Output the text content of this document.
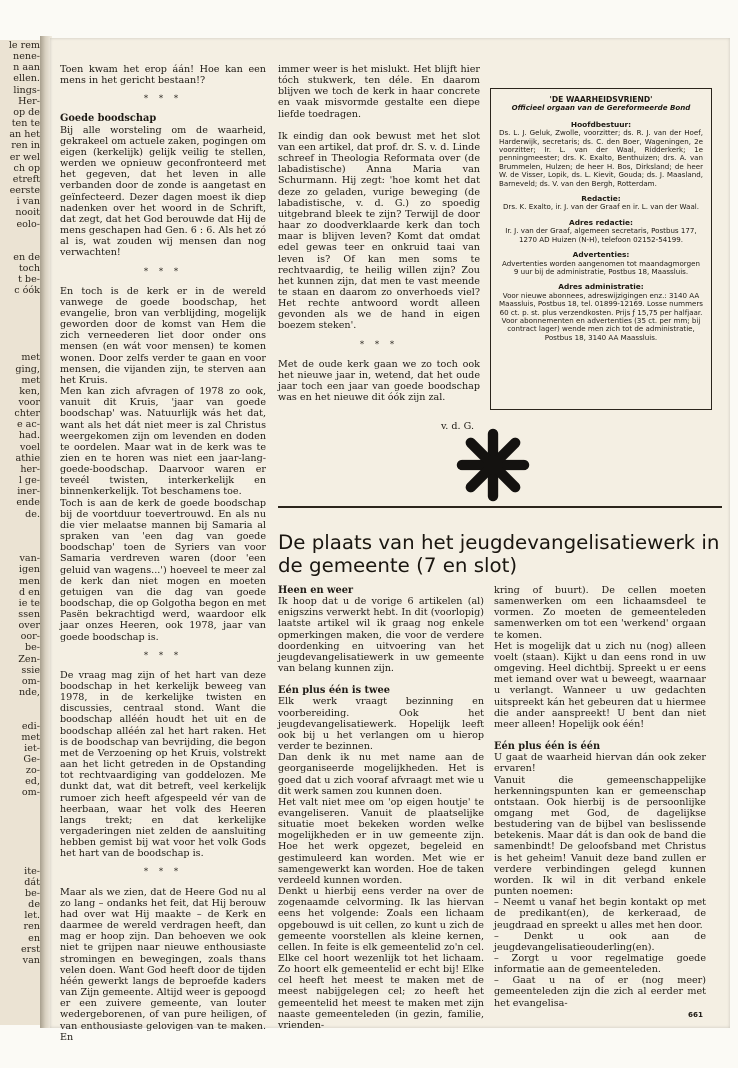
le rem
nene-
n aan
ellen.
lings-
Her-
op de
ten te
an het
ren in
er wel
ch op
etreft
eerste
i van
nooit
eolo-

en de
toch
t be-
c óók

met
ging,
met
ken,
voor
chter
e ac-
had.
voel
athie
her-
l ge-
iner-
ende
de.

van-
igen
men
d en
ie te
ssen
over
oor-
be-
Zen-
ssie
om-
nde,

edi-
met
iet-
Ge-
zo-
ed,
om-

ite-
dát
be-
de
let.
ren
en
erst
van

Toen kwam het erop áán! Hoe kan een mens in het gericht bestaan!?

* * *
Goede boodschap

Bij alle worsteling om de waarheid, gekrakeel om actuele zaken, pogingen om eigen (kerkelijk) gelijk veilig te stellen, werden we opnieuw geconfronteerd met het gegeven, dat het leven in alle verbanden door de zonde is aangetast en geïnfecteerd. Dezer dagen moest ik diep nadenken over het woord in de Schrift, dat zegt, dat het God berouwde dat Hij de mens geschapen had Gen. 6 : 6. Als het zó al is, wat zouden wij mensen dan nog verwachten!

* * *

En toch is de kerk er in de wereld vanwege de goede boodschap, het evangelie, bron van verblijding, mogelijk geworden door de komst van Hem die zich verneederen liet door onder ons mensen (en wát voor mensen) te komen wonen. Door zelfs verder te gaan en voor mensen, die vijanden zijn, te sterven aan het Kruis.

Men kan zich afvragen of 1978 zo ook, vanuit dit Kruis, 'jaar van goede boodschap' was. Natuurlijk wás het dat, want als het dát niet meer is zal Christus weergekomen zijn om levenden en doden te oordelen. Maar wat in de kerk was te zien en te horen was niet een jaar-lang-goede-boodschap. Daarvoor waren er teveél twisten, interkerkelijk en binnenkerkelijk. Tot beschamens toe.

Toch is aan de kerk de goede boodschap bij de voortduur toevertrouwd. En als nu die vier melaatse mannen bij Samaria al spraken van 'een dag van goede boodschap' toen de Syriers van voor Samaria verdreven waren (door 'een geluid van wagens...') hoeveel te meer zal de kerk dan niet mogen en moeten getuigen van die dag van goede boodschap, die op Golgotha begon en met Pasën bekrachtigd werd, waardoor elk jaar onzes Heeren, ook 1978, jaar van goede boodschap is.

* * *

De vraag mag zijn of het hart van deze boodschap in het kerkelijk beweeg van 1978, in de kerkelijke twisten en discussies, centraal stond. Want die boodschap alléén houdt het uit en de boodschap alléén zal het hart raken. Het is de boodschap van bevrijding, die begon met de Verzoening op het Kruis, volstrekt aan het licht getreden in de Opstanding tot rechtvaardiging van goddelozen. Me dunkt dat, wat dit betreft, veel kerkelijk rumoer zich heeft afgespeeld vér van de heerbaan, waar het volk des Heeren langs trekt; en dat kerkelijke vergaderingen niet zelden de aansluiting hebben gemist bij wat voor het volk Gods het hart van de boodschap is.

* * *

Maar als we zien, dat de Heere God nu al zo lang – ondanks het feit, dat Hij berouw had over wat Hij maakte – de Kerk en daarmee de wereld verdragen heeft, dan mag er hoop zijn. Dan behoeven we ook niet te grijpen naar nieuwe enthousiaste stromingen en bewegingen, zoals thans velen doen. Want God heeft door de tijden héén gewerkt langs de beproefde kaders van Zijn gemeente. Altijd weer is gepoogd er een zuivere gemeente, van louter wedergeborenen, of van pure heiligen, of van enthousiaste gelovigen van te maken. En

immer weer is het mislukt. Het blijft hier tóch stukwerk, ten déle. En daarom blijven we toch de kerk in haar concrete en vaak misvormde gestalte een diepe liefde toedragen.

Ik eindig dan ook bewust met het slot van een artikel, dat prof. dr. S. v. d. Linde schreef in Theologia Reformata over (de labadistische) Anna Maria van Schurmann. Hij zegt: 'hoe komt het dat deze zo geladen, vurige beweging (de labadistische, v. d. G.) zo spoedig uitgebrand bleek te zijn? Terwijl de door haar zo doodverklaarde kerk dan toch maar is blijven leven? Komt dat omdat edel gewas teer en onkruid taai van leven is? Of kan men soms te rechtvaardig, te heilig willen zijn? Zou het kunnen zijn, dat men te vast meende te staan en daarom zo onverhoeds viel? Het rechte antwoord wordt alleen gevonden als we de hand in eigen boezem steken'.

* * *

Met de oude kerk gaan we zo toch ook het nieuwe jaar in, wetend, dat het oude jaar toch een jaar van goede boodschap was en het nieuwe dit óók zijn zal.

v. d. G.
'DE WAARHEIDSVRIEND'
Officieel orgaan van de Gereformeerde Bond
Hoofdbestuur:
Ds. L. J. Geluk, Zwolle, voorzitter; ds. R. J. van der Hoef, Harderwijk, secretaris; ds. C. den Boer, Wageningen, 2e voorzitter; Ir. L. van der Waal, Ridderkerk; 1e penningmeester; drs. K. Exalto, Benthuizen; drs. A. van Brummelen, Hulzen; de heer H. Bos, Dirksland; de heer W. de Visser, Lopik, ds. L. Kievit, Gouda; ds. J. Maasland, Barneveld; ds. V. van den Bergh, Rotterdam.
Redactie:
Drs. K. Exalto, ir. J. van der Graaf en ir. L. van der Waal.
Adres redactie:
Ir. J. van der Graaf, algemeen secretaris, Postbus 177, 1270 AD Huizen (N-H), telefoon 02152-54199.
Advertenties:
Advertenties worden aangenomen tot maandagmorgen 9 uur bij de administratie, Postbus 18, Maassluis.
Adres administratie:
Voor nieuwe abonnees, adreswijzigingen enz.: 3140 AA Maassluis, Postbus 18, tel. 01899-12169. Losse nummers 60 ct. p. st. plus verzendkosten. Prijs ƒ 15,75 per halfjaar. Voor abonnementen en advertenties (35 ct. per mm; bij contract lager) wende men zich tot de administratie, Postbus 18, 3140 AA Maassluis.
De plaats van het jeugdevangelisatiewerk in de gemeente (7 en slot)
Heen en weer

Ik hoop dat u de vorige 6 artikelen (al) enigszins verwerkt hebt. In dit (voorlopig) laatste artikel wil ik graag nog enkele opmerkingen maken, die voor de verdere doordenking en uitvoering van het jeugdevangelisatiewerk in uw gemeente van belang kunnen zijn.

Eén plus één is twee

Elk werk vraagt bezinning en voorbereiding. Ook het jeugdevangelisatiewerk. Hopelijk leeft ook bij u het verlangen om u hierop verder te bezinnen.

Dan denk ik nu met name aan de georganiseerde mogelijkheden. Het is goed dat u zich vooraf afvraagt met wie u dit werk samen zou kunnen doen.

Het valt niet mee om 'op eigen houtje' te evangeliseren. Vanuit de plaatselijke situatie moet bekeken worden welke mogelijkheden er in uw gemeente zijn. Hoe het werk opgezet, begeleid en gestimuleerd kan worden. Met wie er samengewerkt kan worden. Hoe de taken verdeeld kunnen worden.

Denkt u hierbij eens verder na over de zogenaamde celvorming. Ik las hiervan eens het volgende: Zoals een lichaam opgebouwd is uit cellen, zo kunt u zich de gemeente voorstellen als kleine kernen, cellen. In feite is elk gemeentelid zo'n cel. Elke cel hoort wezenlijk tot het lichaam. Zo hoort elk gemeentelid er echt bij! Elke cel heeft het meest te maken met de meest nabijgelegen cel; zo heeft het gemeentelid het meest te maken met zijn naaste gemeenteleden (in gezin, familie, vrienden-

kring of buurt). De cellen moeten samenwerken om een lichaamsdeel te vormen. Zo moeten de gemeenteleden samenwerken om tot een 'werkend' orgaan te komen.

Het is mogelijk dat u zich nu (nog) alleen voelt (staan). Kijkt u dan eens rond in uw omgeving. Heel dichtbij. Spreekt u er eens met iemand over wat u beweegt, waarnaar u verlangt. Wanneer u uw gedachten uitspreekt kán het gebeuren dat u hiermee die ander aanspreekt! U bent dan niet meer alleen! Hopelijk ook één!

Eén plus één is één

U gaat de waarheid hiervan dán ook zeker ervaren!

Vanuit die gemeenschappelijke herkenningspunten kan er gemeenschap ontstaan. Ook hierbij is de persoonlijke omgang met God, de dagelijkse bestudering van de bijbel van beslissende betekenis. Maar dát is dan ook de band die samenbindt! De geloofsband met Christus is het geheim! Vanuit deze band zullen er verdere verbindingen gelegd kunnen worden. Ik wil in dit verband enkele punten noemen:

– Neemt u vanaf het begin kontakt op met de predikant(en), de kerkeraad, de jeugdraad en spreekt u alles met hen door.

– Denkt u ook aan de jeugdevangelisatieouderling(en).

– Zorgt u voor regelmatige goede informatie aan de gemeenteleden.

– Gaat u na of er (nog meer) gemeenteleden zijn die zich al eerder met het evangelisa-

661
